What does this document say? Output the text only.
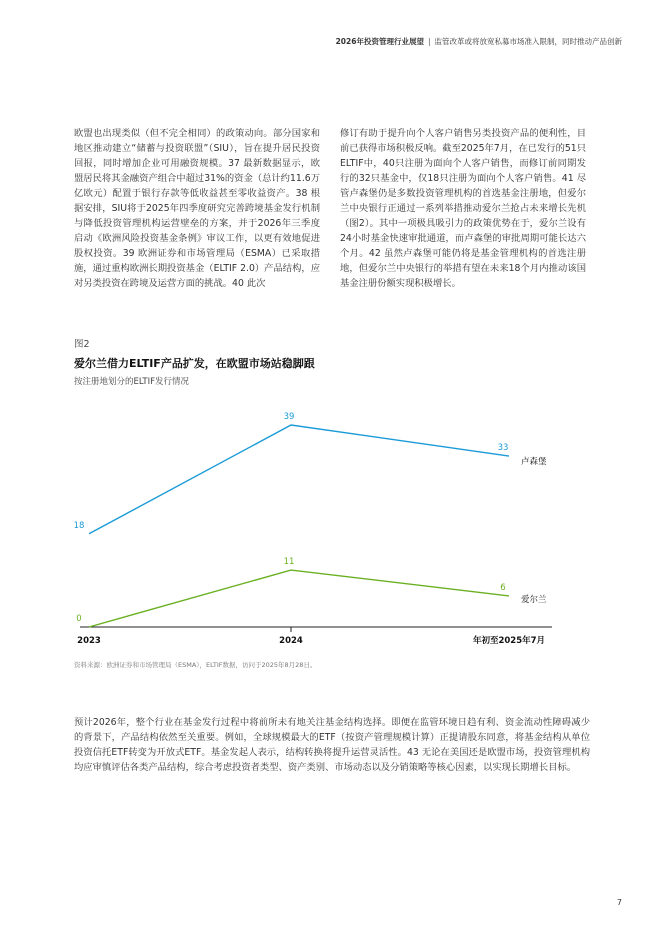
2026年投资管理行业展望 | 监管改革或将放宽私募市场准入限制，同时推动产品创新
欧盟也出现类似（但不完全相同）的政策动向。部分国家和地区推动建立“储蓄与投资联盟”（SIU），旨在提升居民投资回报，同时增加企业可用融资规模。37 最新数据显示，欧盟居民将其金融资产组合中超过31%的资金（总计约11.6万亿欧元）配置于银行存款等低收益甚至零收益资产。38 根据安排，SIU将于2025年四季度研究完善跨境基金发行机制与降低投资管理机构运营壁垒的方案，并于2026年三季度启动《欧洲风险投资基金条例》审议工作，以更有效地促进股权投资。39 欧洲证券和市场管理局（ESMA）已采取措施，通过重构欧洲长期投资基金（ELTIF 2.0）产品结构，应对另类投资在跨境及运营方面的挑战。40 此次
修订有助于提升向个人客户销售另类投资产品的便利性，目前已获得市场积极反响。截至2025年7月，在已发行的51只ELTIF中，40只注册为面向个人客户销售，而修订前同期发行的32只基金中，仅18只注册为面向个人客户销售。41 尽管卢森堡仍是多数投资管理机构的首选基金注册地，但爱尔兰中央银行正通过一系列举措推动爱尔兰抢占未来增长先机（图2）。其中一项极具吸引力的政策优势在于，爱尔兰设有24小时基金快速审批通道，而卢森堡的审批周期可能长达六个月。42 虽然卢森堡可能仍将是基金管理机构的首选注册地，但爱尔兰中央银行的举措有望在未来18个月内推动该国基金注册份额实现积极增长。
图2
爱尔兰借力ELTIF产品扩发，在欧盟市场站稳脚跟
按注册地划分的ELTIF发行情况
2023	2024	年初至2025年7月
18
39
33
卢森堡
0
11
6
爱尔兰
资料来源：欧洲证券和市场管理局（ESMA），ELTIF数据，访问于2025年8月28日。
预计2026年，整个行业在基金发行过程中将前所未有地关注基金结构选择。即便在监管环境日趋有利、资金流动性障碍减少的背景下，产品结构依然至关重要。例如，全球规模最大的ETF（按资产管理规模计算）正提请股东同意，将基金结构从单位投资信托ETF转变为开放式ETF。基金发起人表示，结构转换将提升运营灵活性。43 无论在美国还是欧盟市场，投资管理机构均应审慎评估各类产品结构，综合考虑投资者类型、资产类别、市场动态以及分销策略等核心因素，以实现长期增长目标。
7
